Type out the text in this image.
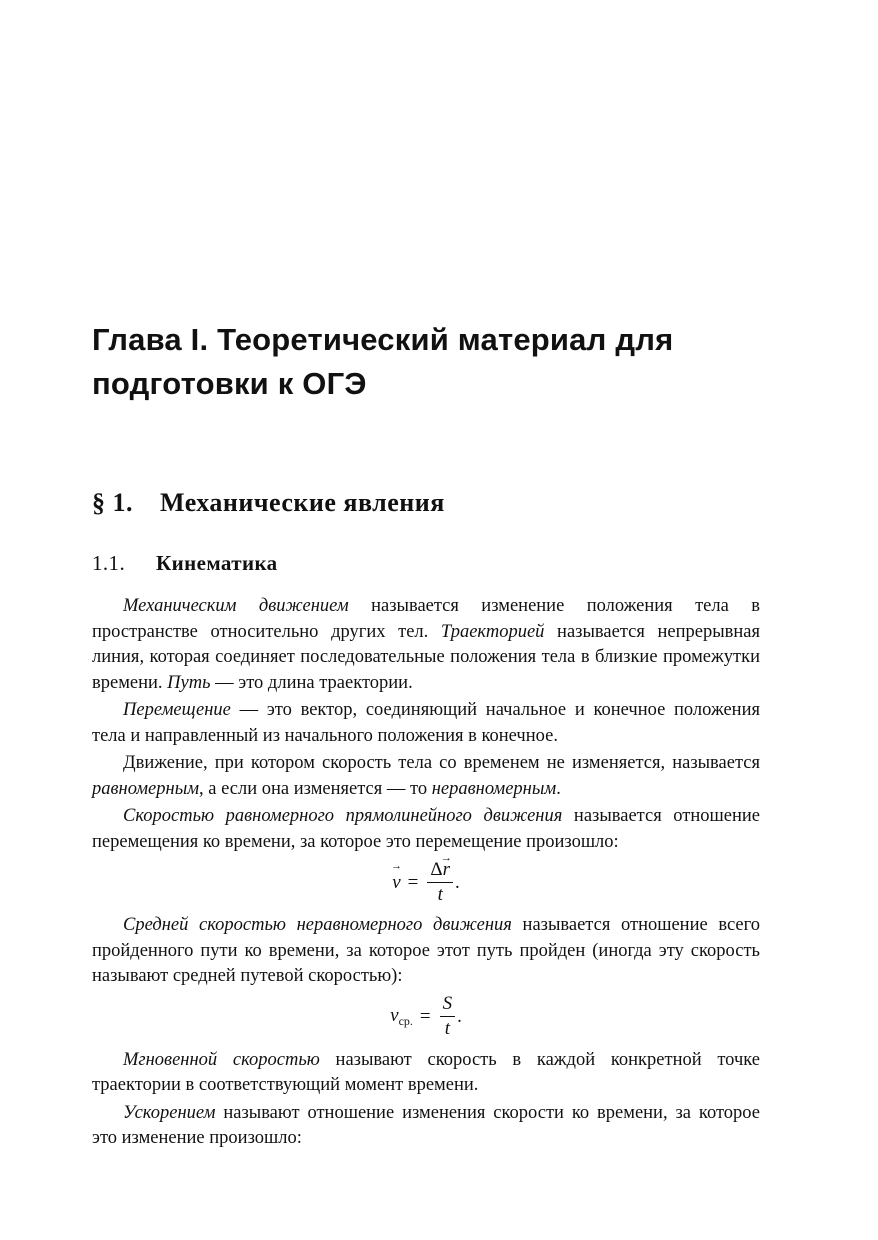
Глава I. Теоретический материал для
подготовки к ОГЭ
§ 1. Механические явления
1.1. Кинематика

Механическим движением называется изменение положения тела в пространстве относительно других тел. Траекторией называется непрерывная линия, которая соединяет последовательные положения тела в близкие промежутки времени. Путь — это длина траектории.

Перемещение — это вектор, соединяющий начальное и конечное положения тела и направленный из начального положения в конечное.

Движение, при котором скорость тела со временем не изменяется, называется равномерным, а если она изменяется — то неравномерным.

Скоростью равномерного прямолинейного движения называется отношение перемещения ко времени, за которое это перемещение произошло:

→ $v = \frac{\Delta\to r}{t}$ .

Средней скоростью неравномерного движения называется отношение всего пройденного пути ко времени, за которое этот путь пройден (иногда эту скорость называют средней путевой скоростью):

$v_{ср.} = \frac{S}{t}$ .

Мгновенной скоростью называют скорость в каждой конкретной точке траектории в соответствующий момент времени.

Ускорением называют отношение изменения скорости ко времени, за которое это изменение произошло:
